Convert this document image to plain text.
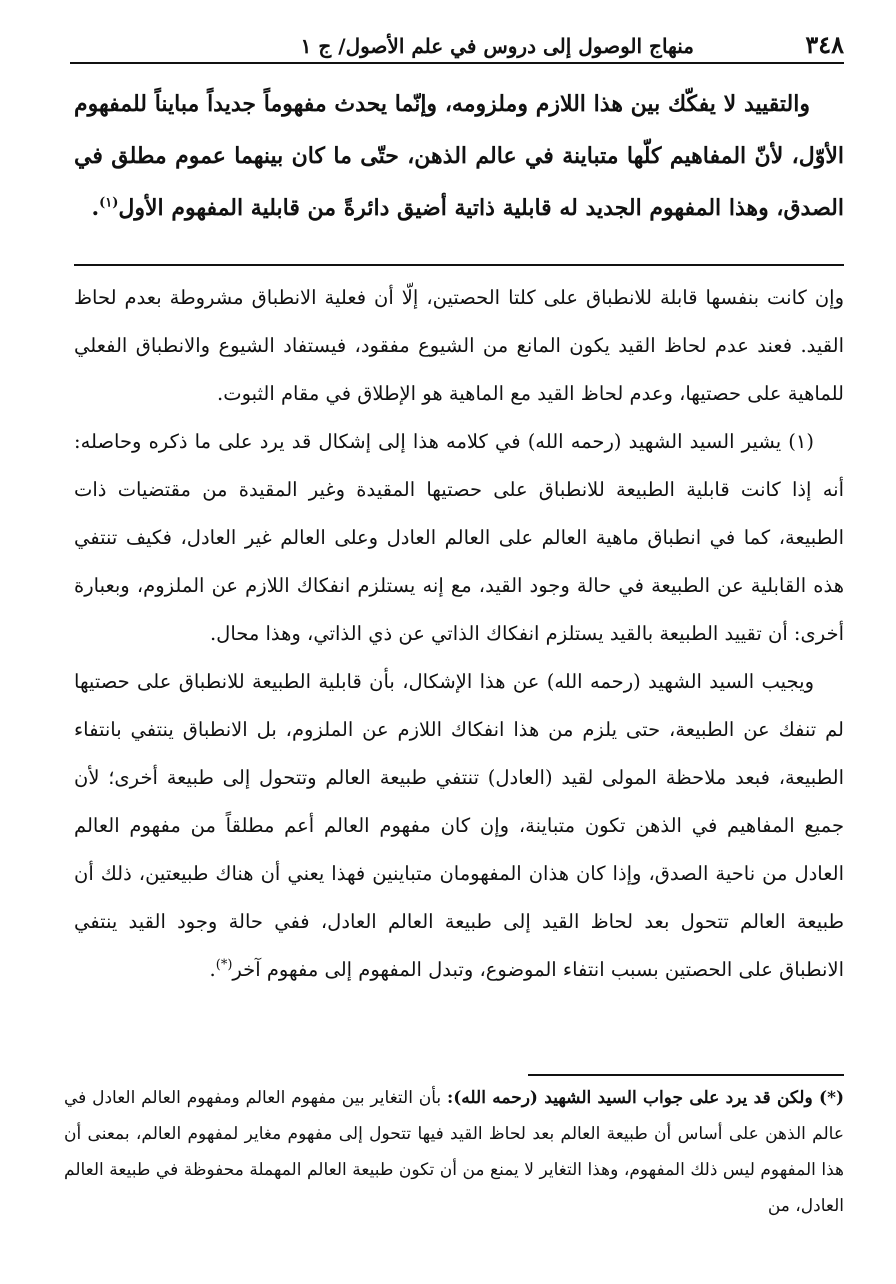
٣٤٨
منهاج الوصول إلى دروس في علم الأصول/ ج ١

والتقييد لا يفكّك بين هذا اللازم وملزومه، وإنّما يحدث مفهوماً جديداً مبايناً للمفهوم الأوّل، لأنّ المفاهيم كلّها متباينة في عالم الذهن، حتّى ما كان بينهما عموم مطلق في الصدق، وهذا المفهوم الجديد له قابلية ذاتية أضيق دائرةً من قابلية المفهوم الأول$^{(١)}$.

وإن كانت بنفسها قابلة للانطباق على كلتا الحصتين، إلّا أن فعلية الانطباق مشروطة بعدم لحاظ القيد. فعند عدم لحاظ القيد يكون المانع من الشيوع مفقود، فيستفاد الشيوع والانطباق الفعلي للماهية على حصتيها، وعدم لحاظ القيد مع الماهية هو الإطلاق في مقام الثبوت.

(١) يشير السيد الشهيد (رحمه الله) في كلامه هذا إلى إشكال قد يرد على ما ذكره وحاصله: أنه إذا كانت قابلية الطبيعة للانطباق على حصتيها المقيدة وغير المقيدة من مقتضيات ذات الطبيعة، كما في انطباق ماهية العالم على العالم العادل وعلى العالم غير العادل، فكيف تنتفي هذه القابلية عن الطبيعة في حالة وجود القيد، مع إنه يستلزم انفكاك اللازم عن الملزوم، وبعبارة أخرى: أن تقييد الطبيعة بالقيد يستلزم انفكاك الذاتي عن ذي الذاتي، وهذا محال.

ويجيب السيد الشهيد (رحمه الله) عن هذا الإشكال، بأن قابلية الطبيعة للانطباق على حصتيها لم تنفك عن الطبيعة، حتى يلزم من هذا انفكاك اللازم عن الملزوم، بل الانطباق ينتفي بانتفاء الطبيعة، فبعد ملاحظة المولى لقيد (العادل) تنتفي طبيعة العالم وتتحول إلى طبيعة أخرى؛ لأن جميع المفاهيم في الذهن تكون متباينة، وإن كان مفهوم العالم أعم مطلقاً من مفهوم العالم العادل من ناحية الصدق، وإذا كان هذان المفهومان متباينين فهذا يعني أن هناك طبيعتين، ذلك أن طبيعة العالم تتحول بعد لحاظ القيد إلى طبيعة العالم العادل، ففي حالة وجود القيد ينتفي الانطباق على الحصتين بسبب انتفاء الموضوع، وتبدل المفهوم إلى مفهوم آخر(*).

(*) ولكن قد يرد على جواب السيد الشهيد (رحمه الله): بأن التغاير بين مفهوم العالم ومفهوم العالم العادل في عالم الذهن على أساس أن طبيعة العالم بعد لحاظ القيد فيها تتحول إلى مفهوم مغاير لمفهوم العالم، بمعنى أن هذا المفهوم ليس ذلك المفهوم، وهذا التغاير لا يمنع من أن تكون طبيعة العالم المهملة محفوظة في طبيعة العالم العادل، من
